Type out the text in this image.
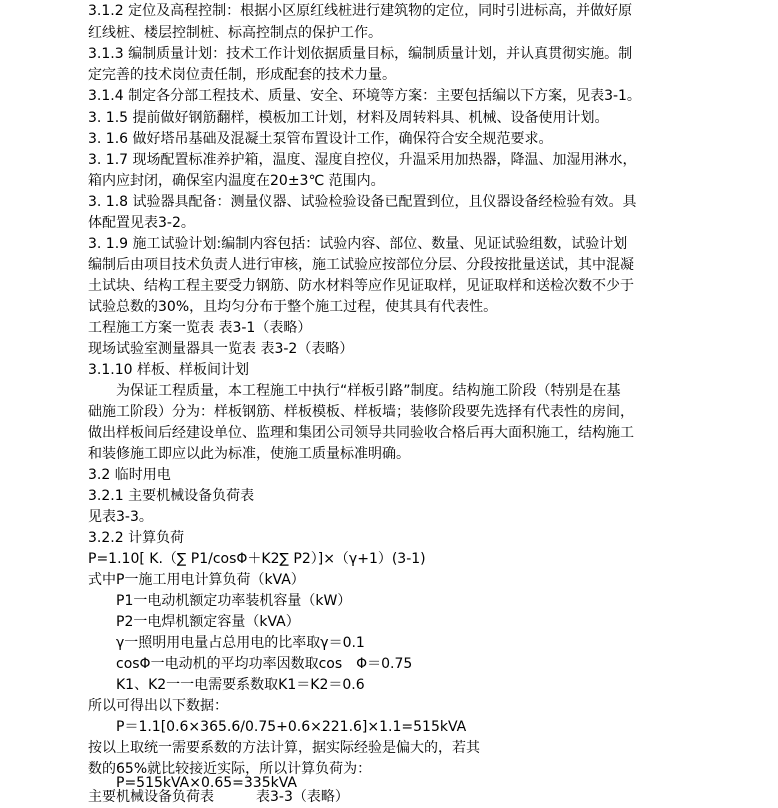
3.1.2 定位及高程控制：根据小区原红线桩进行建筑物的定位，同时引进标高，并做好原
红线桩、楼层控制桩、标高控制点的保护工作。
3.1.3 编制质量计划：技术工作计划依据质量目标，编制质量计划，并认真贯彻实施。制
定完善的技术岗位责任制，形成配套的技术力量。
3.1.4 制定各分部工程技术、质量、安全、环境等方案：主要包括编以下方案，见表3-1。
3. 1.5 提前做好钢筋翻样，模板加工计划，材料及周转料具、机械、设备使用计划。
3. 1.6 做好塔吊基础及混凝土泵管布置设计工作，确保符合安全规范要求。
3. 1.7 现场配置标准养护箱，温度、湿度自控仪，升温采用加热器，降温、加湿用淋水，
箱内应封闭，确保室内温度在20±3℃ 范围内。
3. 1.8 试验器具配备：测量仪器、试验检验设备已配置到位，且仪器设备经检验有效。具
体配置见表3-2。
3. 1.9 施工试验计划:编制内容包括：试验内容、部位、数量、见证试验组数，试验计划
编制后由项目技术负责人进行审核，施工试验应按部位分层、分段按批量送试，其中混凝
土试块、结构工程主要受力钢筋、防水材料等应作见证取样，见证取样和送检次数不少于
试验总数的30%，且均匀分布于整个施工过程，使其具有代表性。
工程施工方案一览表 表3-1（表略）
现场试验室测量器具一览表 表3-2（表略）
3.1.10 样板、样板间计划
　　为保证工程质量，本工程施工中执行“样板引路”制度。结构施工阶段（特别是在基
础施工阶段）分为：样板钢筋、样板模板、样板墙；装修阶段要先选择有代表性的房间，
做出样板间后经建设单位、监理和集团公司领导共同验收合格后再大面积施工，结构施工
和装修施工即应以此为标准，使施工质量标准明确。
3.2 临时用电
3.2.1 主要机械设备负荷表
见表3-3。
3.2.2 计算负荷
P=1.10[ K.（∑ P1/cosΦ＋K2∑ P2）]×（γ+1）(3-1)
式中P一施工用电计算负荷（kVA）
　　P1一电动机额定功率装机容量（kW）
　　P2一电焊机额定容量（kVA）
　　γ一照明用电量占总用电的比率取γ＝0.1
　　cosΦ一电动机的平均功率因数取cos　Φ＝0.75
　　K1、K2一一电需要系数取K1＝K2＝0.6
所以可得出以下数据：
　　P＝1.1[0.6×365.6/0.75+0.6×221.6]×1.1=515kVA
按以上取统一需要系数的方法计算，据实际经验是偏大的，若其
数的65%就比较接近实际，所以计算负荷为：
　　P=515kVA×0.65=335kVA
主要机械设备负荷表　　　表3-3（表略）
